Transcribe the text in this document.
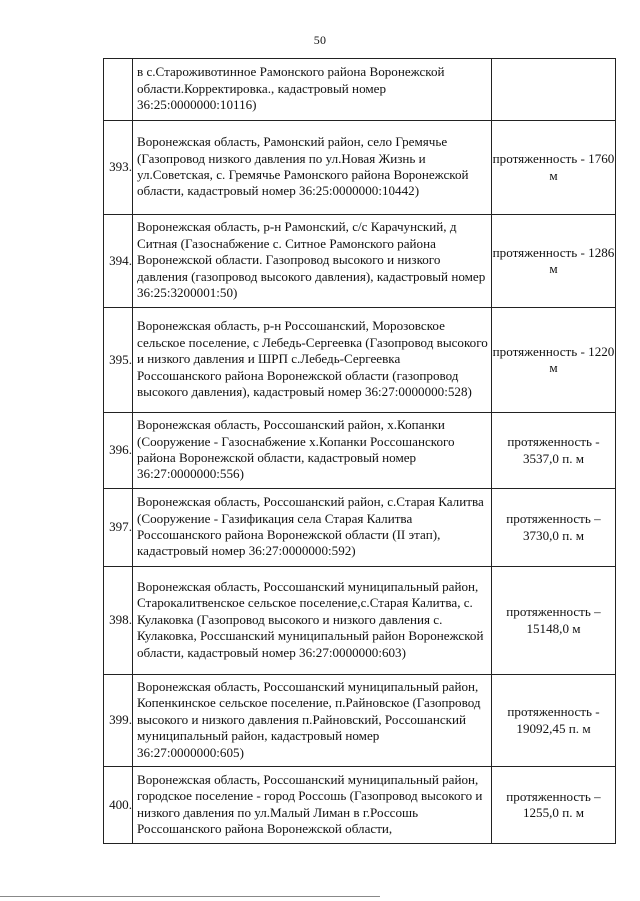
50
	в с.Староживотинное Рамонского района Воронежской области.Корректировка., кадастровый номер 36:25:0000000:10116)	
393.	Воронежская область, Рамонский район, село Гремячье (Газопровод низкого давления по ул.Новая Жизнь и ул.Советская, с. Гремячье Рамонского района Воронежской области, кадастровый номер 36:25:0000000:10442)	протяженность - 1760 м
394.	Воронежская область, р-н Рамонский, с/с Карачунский, д Ситная (Газоснабжение с. Ситное Рамонского района Воронежской области. Газопровод высокого и низкого давления (газопровод высокого давления), кадастровый номер 36:25:3200001:50)	протяженность - 1286 м
395.	Воронежская область, р-н Россошанский, Морозовское сельское поселение, с Лебедь-Сергеевка (Газопровод высокого и низкого давления и ШРП с.Лебедь-Сергеевка Россошанского района Воронежской области (газопровод высокого давления), кадастровый номер 36:27:0000000:528)	протяженность - 1220 м
396.	Воронежская область, Россошанский район, х.Копанки (Сооружение - Газоснабжение х.Копанки Россошанского района Воронежской области, кадастровый номер 36:27:0000000:556)	протяженность - 3537,0 п. м
397.	Воронежская область, Россошанский район, с.Старая Калитва (Сооружение - Газификация села Старая Калитва Россошанского района Воронежской области (II этап), кадастровый номер 36:27:0000000:592)	протяженность – 3730,0 п. м
398.	Воронежская область, Россошанский муниципальный район, Старокалитвенское сельское поселение,с.Старая Калитва, с. Кулаковка (Газопровод высокого и низкого давления с. Кулаковка, Россшанский муниципальный район Воронежской области, кадастровый номер 36:27:0000000:603)	протяженность – 15148,0 м
399.	Воронежская область, Россошанский муниципальный район, Копенкинское сельское поселение, п.Райновское (Газопровод высокого и низкого давления п.Райновский, Россошанский муниципальный район, кадастровый номер 36:27:0000000:605)	протяженность - 19092,45 п. м
400.	Воронежская область, Россошанский муниципальный район, городское поселение - город Россошь (Газопровод высокого и низкого давления по ул.Малый Лиман в г.Россошь Россошанского района Воронежской области,	протяженность – 1255,0 п. м
